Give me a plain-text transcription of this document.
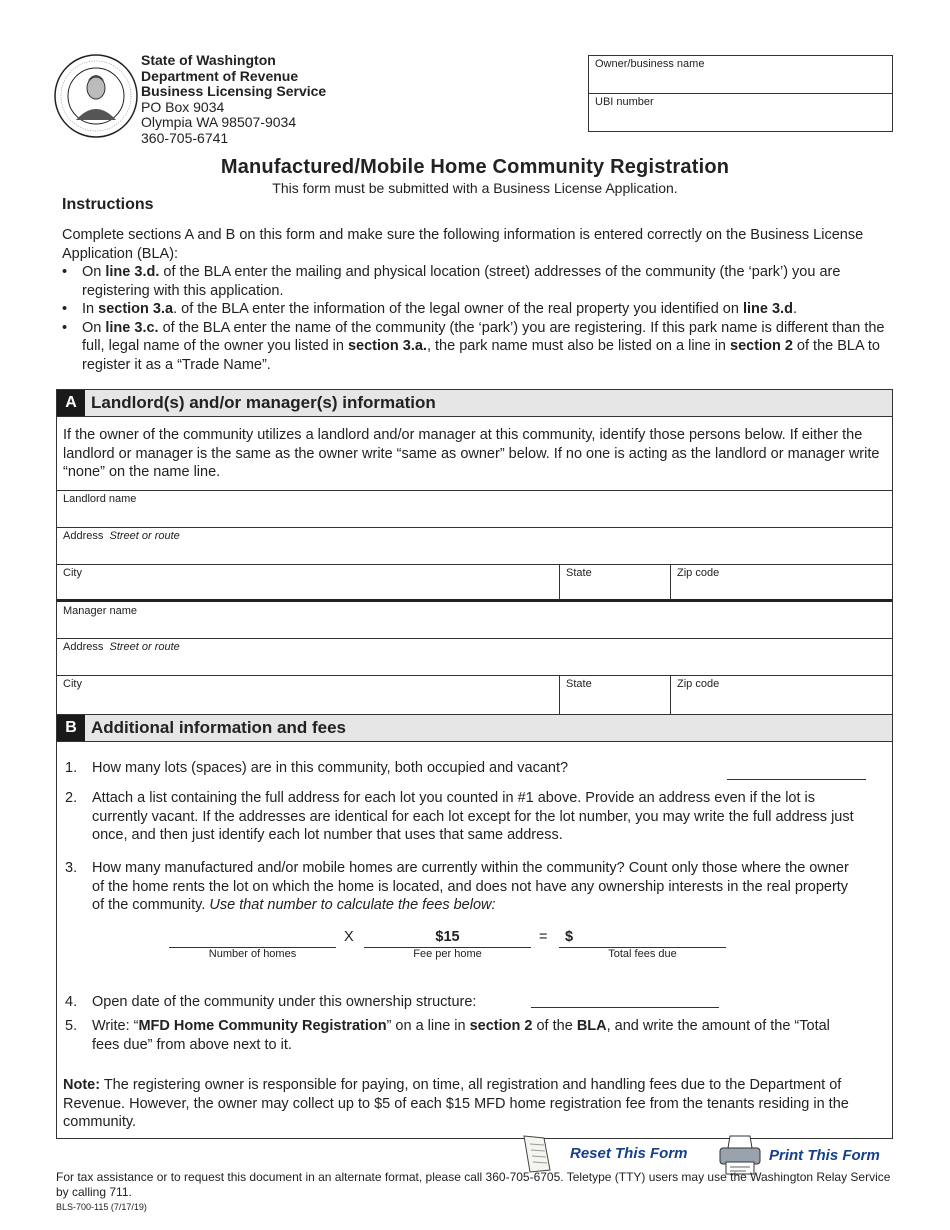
State of Washington
Department of Revenue
Business Licensing Service
PO Box 9034
Olympia WA 98507-9034
360-705-6741
Owner/business name
UBI number
Manufactured/Mobile Home Community Registration
This form must be submitted with a Business License Application.
Instructions
Complete sections A and B on this form and make sure the following information is entered correctly on the Business License Application (BLA):
• On line 3.d. of the BLA enter the mailing and physical location (street) addresses of the community (the ‘park’) you are registering with this application.
• In section 3.a. of the BLA enter the information of the legal owner of the real property you identified on line 3.d.
• On line 3.c. of the BLA enter the name of the community (the ‘park’) you are registering. If this park name is different than the full, legal name of the owner you listed in section 3.a., the park name must also be listed on a line in section 2 of the BLA to register it as a “Trade Name”.
A Landlord(s) and/or manager(s) information
If the owner of the community utilizes a landlord and/or manager at this community, identify those persons below. If either the landlord or manager is the same as the owner write “same as owner” below. If no one is acting as the landlord or manager write “none” on the name line.
Landlord name
Address Street or route
City	State	Zip code
Manager name
Address Street or route
City	State	Zip code
B Additional information and fees
1. How many lots (spaces) are in this community, both occupied and vacant?
2. Attach a list containing the full address for each lot you counted in #1 above. Provide an address even if the lot is currently vacant. If the addresses are identical for each lot except for the lot number, you may write the full address just once, and then just identify each lot number that uses that same address.
3. How many manufactured and/or mobile homes are currently within the community? Count only those where the owner of the home rents the lot on which the home is located, and does not have any ownership interests in the real property of the community. Use that number to calculate the fees below:
Number of homes
X	$15
Fee per home
= $
Total fees due
4. Open date of the community under this ownership structure:
5. Write: “MFD Home Community Registration” on a line in section 2 of the BLA, and write the amount of the “Total fees due” from above next to it.
Note: The registering owner is responsible for paying, on time, all registration and handling fees due to the Department of Revenue. However, the owner may collect up to $5 of each $15 MFD home registration fee from the tenants residing in the community.
Reset This Form	Print This Form
For tax assistance or to request this document in an alternate format, please call 360-705-6705. Teletype (TTY) users may use the Washington Relay Service by calling 711.
BLS-700-115 (7/17/19)
